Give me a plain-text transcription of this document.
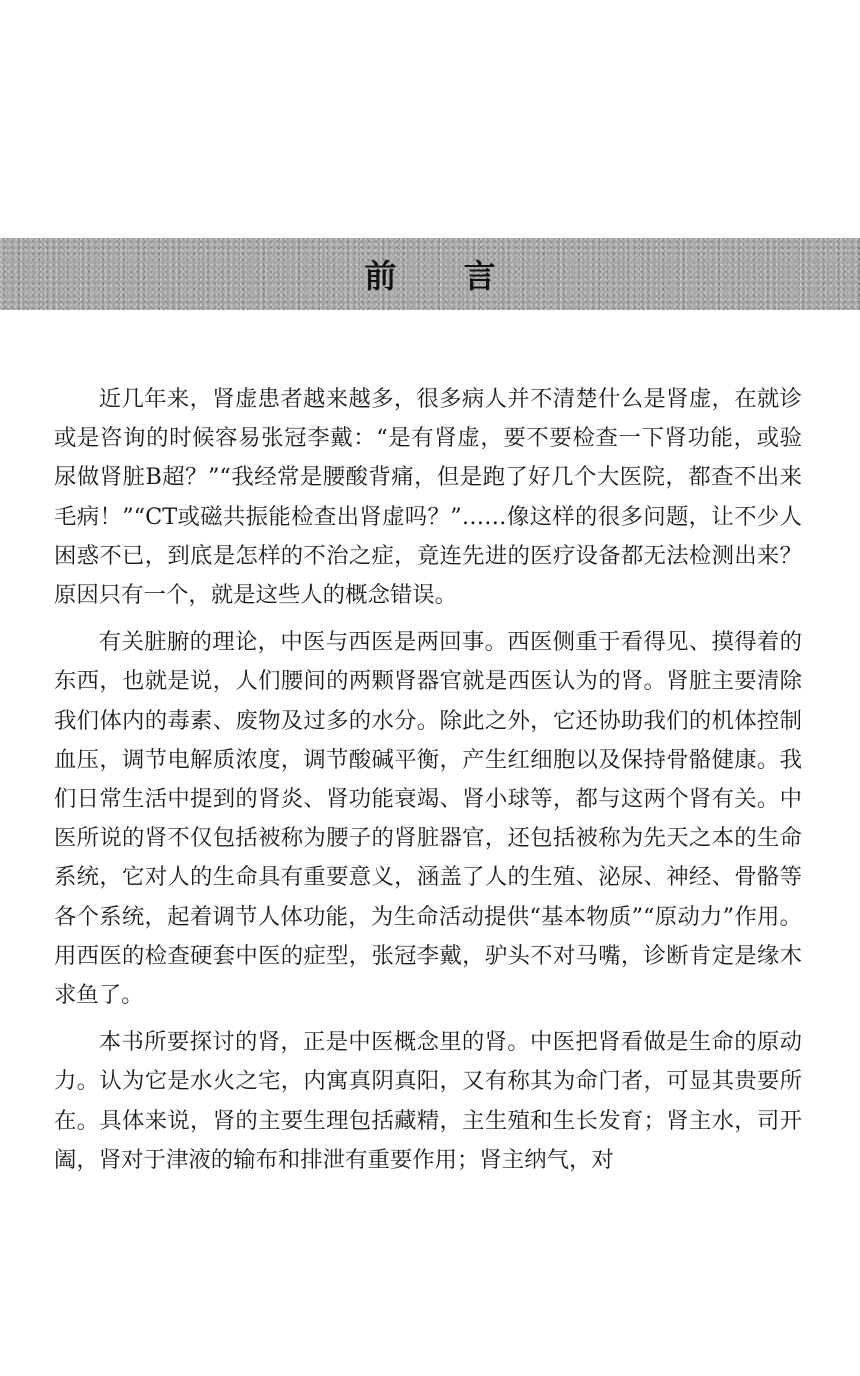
前 言

近几年来，肾虚患者越来越多，很多病人并不清楚什么是肾虚，在就诊或是咨询的时候容易张冠李戴：“是有肾虚，要不要检查一下肾功能，或验尿做肾脏B超？”“我经常是腰酸背痛，但是跑了好几个大医院，都查不出来毛病！”“CT或磁共振能检查出肾虚吗？”……像这样的很多问题，让不少人困惑不已，到底是怎样的不治之症，竟连先进的医疗设备都无法检测出来？原因只有一个，就是这些人的概念错误。

有关脏腑的理论，中医与西医是两回事。西医侧重于看得见、摸得着的东西，也就是说，人们腰间的两颗肾器官就是西医认为的肾。肾脏主要清除我们体内的毒素、废物及过多的水分。除此之外，它还协助我们的机体控制血压，调节电解质浓度，调节酸碱平衡，产生红细胞以及保持骨骼健康。我们日常生活中提到的肾炎、肾功能衰竭、肾小球等，都与这两个肾有关。中医所说的肾不仅包括被称为腰子的肾脏器官，还包括被称为先天之本的生命系统，它对人的生命具有重要意义，涵盖了人的生殖、泌尿、神经、骨骼等各个系统，起着调节人体功能，为生命活动提供“基本物质”“原动力”作用。用西医的检查硬套中医的症型，张冠李戴，驴头不对马嘴，诊断肯定是缘木求鱼了。

本书所要探讨的肾，正是中医概念里的肾。中医把肾看做是生命的原动力。认为它是水火之宅，内寓真阴真阳，又有称其为命门者，可显其贵要所在。具体来说，肾的主要生理包括藏精，主生殖和生长发育；肾主水，司开阖，肾对于津液的输布和排泄有重要作用；肾主纳气，对
